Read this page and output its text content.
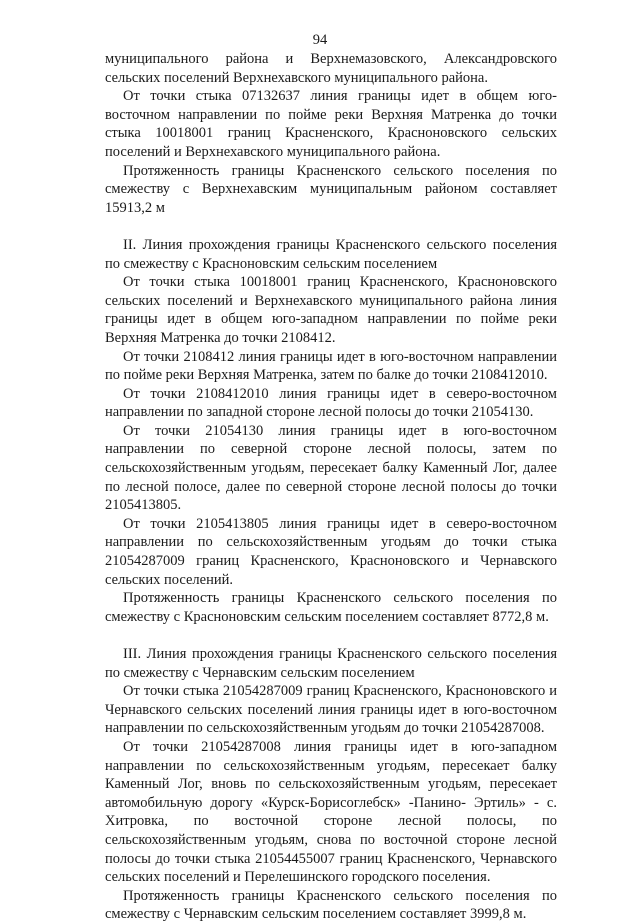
94

муниципального района и Верхнемазовского, Александровского сельских поселений Верхнехавского муниципального района.

От точки стыка 07132637 линия границы идет в общем юго-восточном направлении по пойме реки Верхняя Матренка до точки стыка 10018001 границ Красненского, Красноновского сельских поселений и Верхнехавского муниципального района.

Протяженность границы Красненского сельского поселения по смежеству с Верхнехавским муниципальным районом составляет 15913,2 м

II. Линия прохождения границы Красненского сельского поселения по смежеству с Красноновским сельским поселением

От точки стыка 10018001 границ Красненского, Красноновского сельских поселений и Верхнехавского муниципального района линия границы идет в общем юго-западном направлении по пойме реки Верхняя Матренка до точки 2108412.

От точки 2108412 линия границы идет в юго-восточном направлении по пойме реки Верхняя Матренка, затем по балке до точки 2108412010.

От точки 2108412010 линия границы идет в северо-восточном направлении по западной стороне лесной полосы до точки 21054130.

От точки 21054130 линия границы идет в юго-восточном направлении по северной стороне лесной полосы, затем по сельскохозяйственным угодьям, пересекает балку Каменный Лог, далее по лесной полосе, далее по северной стороне лесной полосы до точки 2105413805.

От точки 2105413805 линия границы идет в северо-восточном направлении по сельскохозяйственным угодьям до точки стыка 21054287009 границ Красненского, Красноновского и Чернавского сельских поселений.

Протяженность границы Красненского сельского поселения по смежеству с Красноновским сельским поселением составляет 8772,8 м.

III. Линия прохождения границы Красненского сельского поселения по смежеству с Чернавским сельским поселением

От точки стыка 21054287009 границ Красненского, Красноновского и Чернавского сельских поселений линия границы идет в юго-восточном направлении по сельскохозяйственным угодьям до точки 21054287008.

От точки 21054287008 линия границы идет в юго-западном направлении по сельскохозяйственным угодьям, пересекает балку Каменный Лог, вновь по сельскохозяйственным угодьям, пересекает автомобильную дорогу «Курск-Борисоглебск» -Панино- Эртиль» - с. Хитровка, по восточной стороне лесной полосы, по сельскохозяйственным угодьям, снова по восточной стороне лесной полосы до точки стыка 21054455007 границ Красненского, Чернавского сельских поселений и Перелешинского городского поселения.

Протяженность границы Красненского сельского поселения по смежеству с Чернавским сельским поселением составляет 3999,8 м.
